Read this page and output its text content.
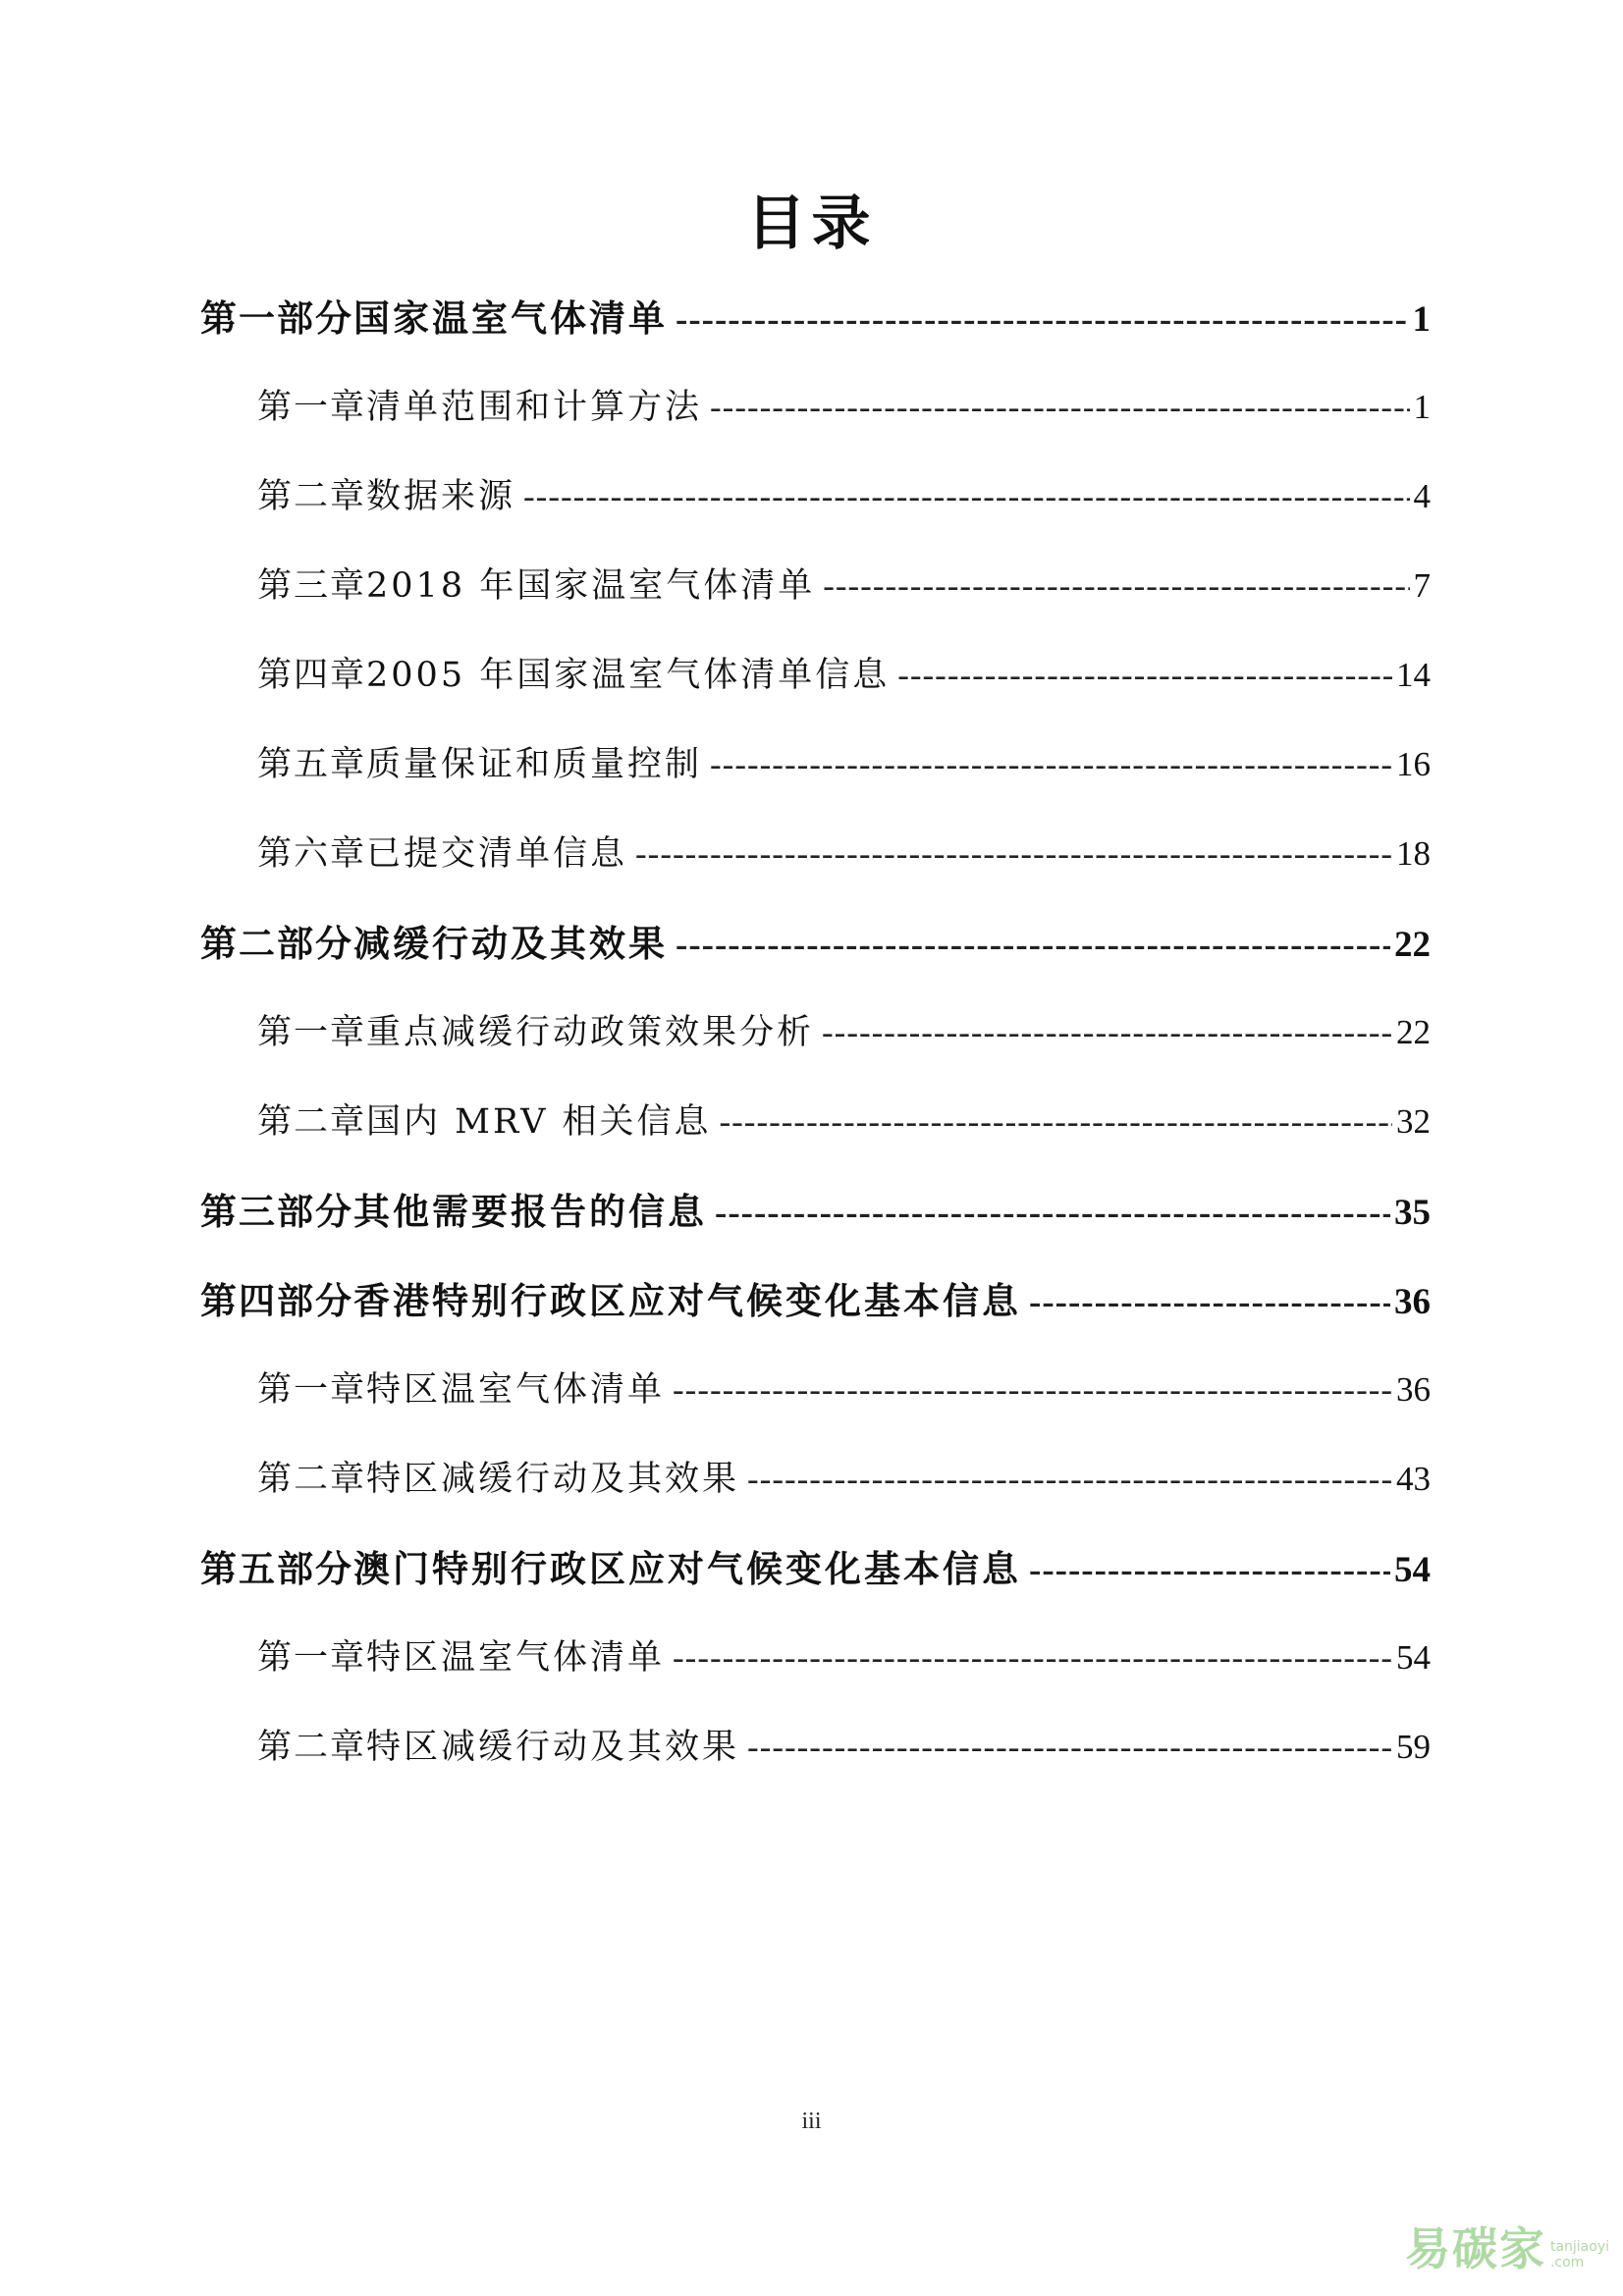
目录
第一部分 国家温室气体清单 -----	1
第一章 清单范围和计算方法 -----	1
第二章 数据来源 -----	4
第三章 2018 年国家温室气体清单 -----	7
第四章 2005 年国家温室气体清单信息 -----	14
第五章 质量保证和质量控制 -----	16
第六章 已提交清单信息 -----	18
第二部分 减缓行动及其效果 -----	22
第一章 重点减缓行动政策效果分析 -----	22
第二章 国内 MRV 相关信息 -----	32
第三部分 其他需要报告的信息 -----	35
第四部分 香港特别行政区应对气候变化基本信息 -----	36
第一章 特区温室气体清单 -----	36
第二章 特区减缓行动及其效果 -----	43
第五部分 澳门特别行政区应对气候变化基本信息 -----	54
第一章 特区温室气体清单 -----	54
第二章 特区减缓行动及其效果 -----	59
iii
易碳家 tanjiaoyi
.com
